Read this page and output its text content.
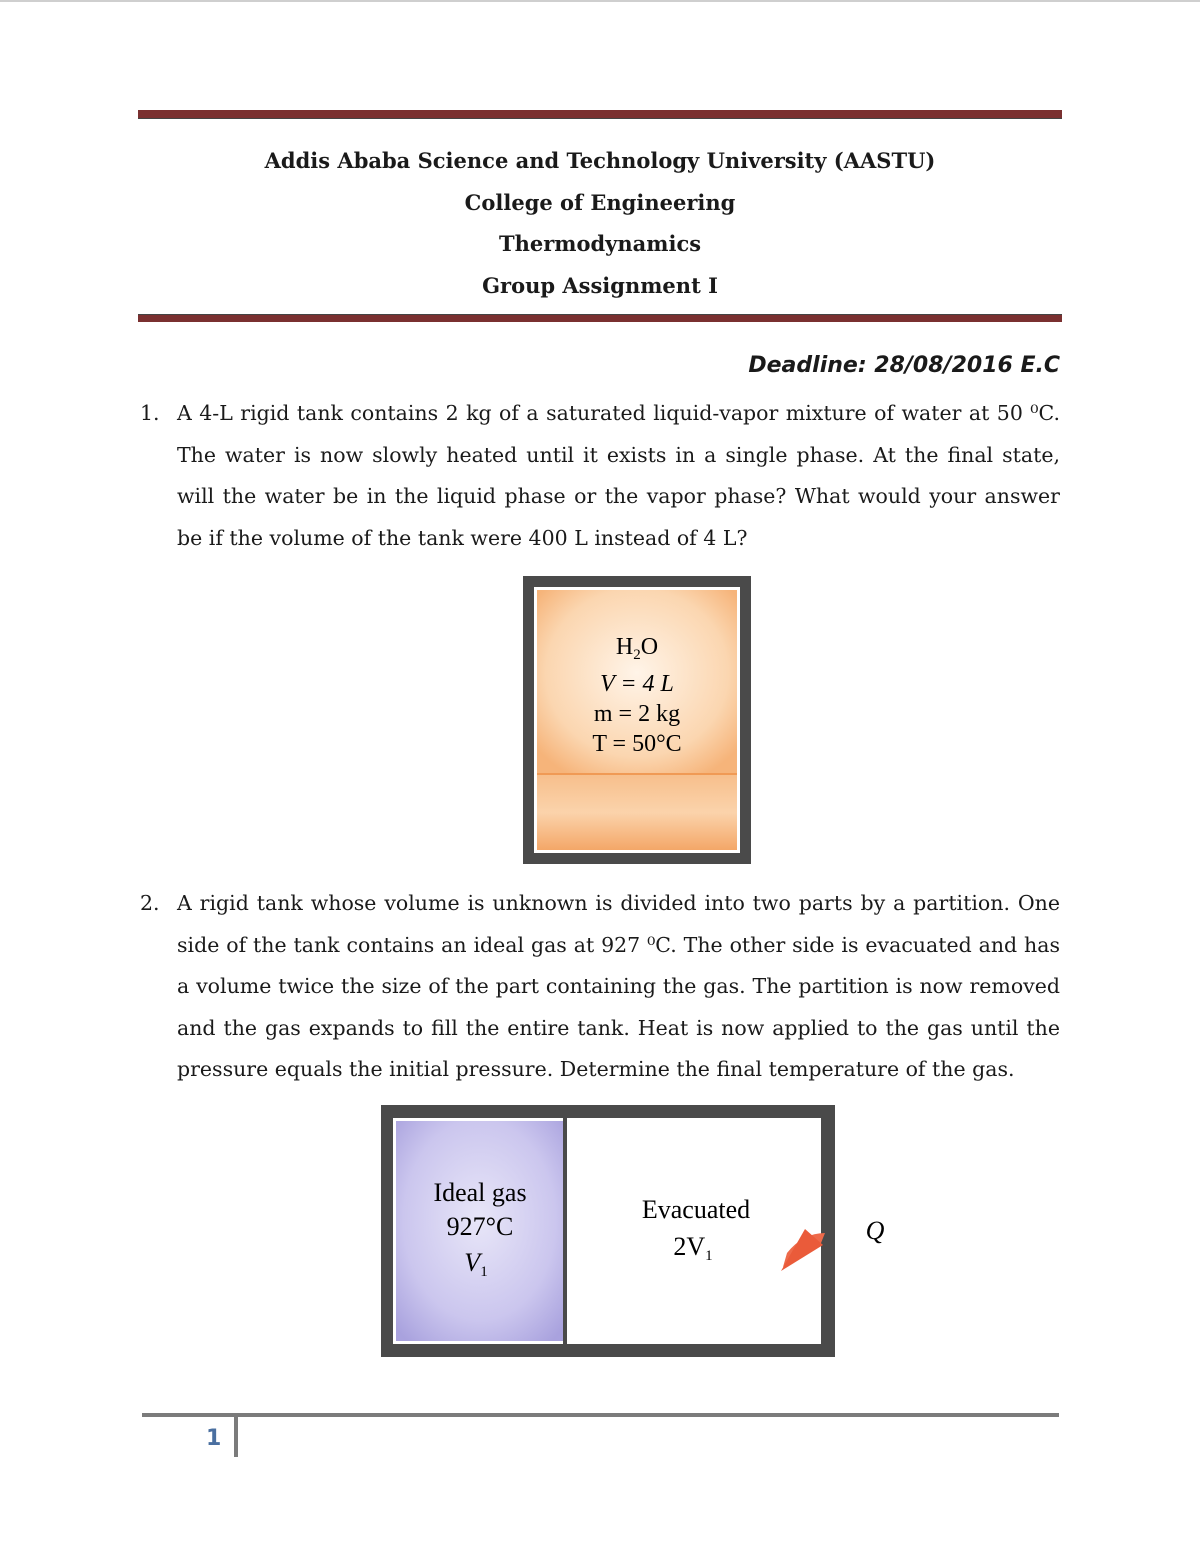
Addis Ababa Science and Technology University (AASTU)
College of Engineering
Thermodynamics
Group Assignment I
Deadline: 28/08/2016 E.C
1. A 4-L rigid tank contains 2 kg of a saturated liquid-vapor mixture of water at 50 ⁰C. The water is now slowly heated until it exists in a single phase. At the final state, will the water be in the liquid phase or the vapor phase? What would your answer be if the volume of the tank were 400 L instead of 4 L?
$H_2O$
V = 4 L
m = 2 kg
T = 50°C
2. A rigid tank whose volume is unknown is divided into two parts by a partition. One side of the tank contains an ideal gas at 927 ⁰C. The other side is evacuated and has a volume twice the size of the part containing the gas. The partition is now removed and the gas expands to fill the entire tank. Heat is now applied to the gas until the pressure equals the initial pressure. Determine the final temperature of the gas.
Ideal gas
927°C
V1
Evacuated
2V1
Q
1
